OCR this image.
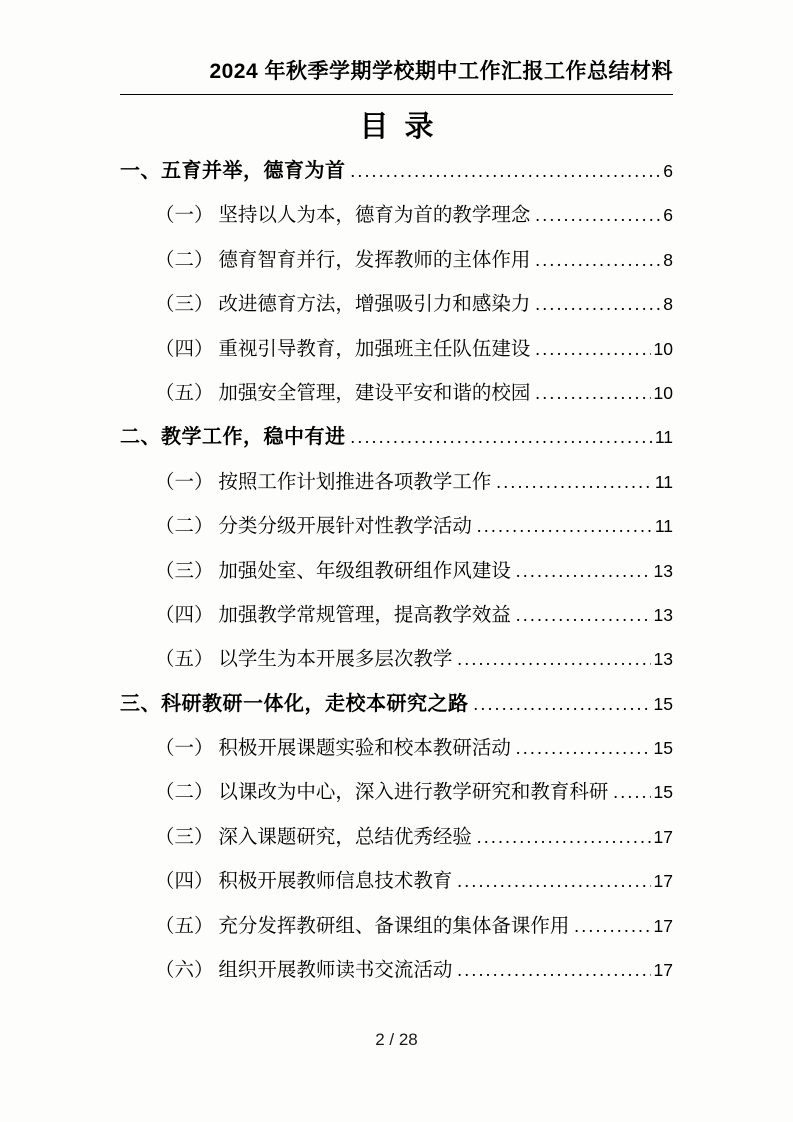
2024 年秋季学期学校期中工作汇报工作总结材料
目  录
一、五育并举，德育为首 .....	6
（一） 坚持以人为本，德育为首的教学理念 .....	6
（二） 德育智育并行，发挥教师的主体作用 .....	8
（三） 改进德育方法，增强吸引力和感染力 .....	8
（四） 重视引导教育，加强班主任队伍建设 .....	10
（五） 加强安全管理，建设平安和谐的校园 .....	10
二、教学工作，稳中有进 .....	11
（一） 按照工作计划推进各项教学工作 .....	11
（二） 分类分级开展针对性教学活动 .....	11
（三） 加强处室、年级组教研组作风建设 .....	13
（四） 加强教学常规管理，提高教学效益 .....	13
（五） 以学生为本开展多层次教学 .....	13
三、科研教研一体化，走校本研究之路 .....	15
（一） 积极开展课题实验和校本教研活动 .....	15
（二） 以课改为中心，深入进行教学研究和教育科研 .....	15
（三） 深入课题研究，总结优秀经验 .....	17
（四） 积极开展教师信息技术教育 .....	17
（五） 充分发挥教研组、备课组的集体备课作用 .....	17
（六） 组织开展教师读书交流活动 .....	17
2 / 28
